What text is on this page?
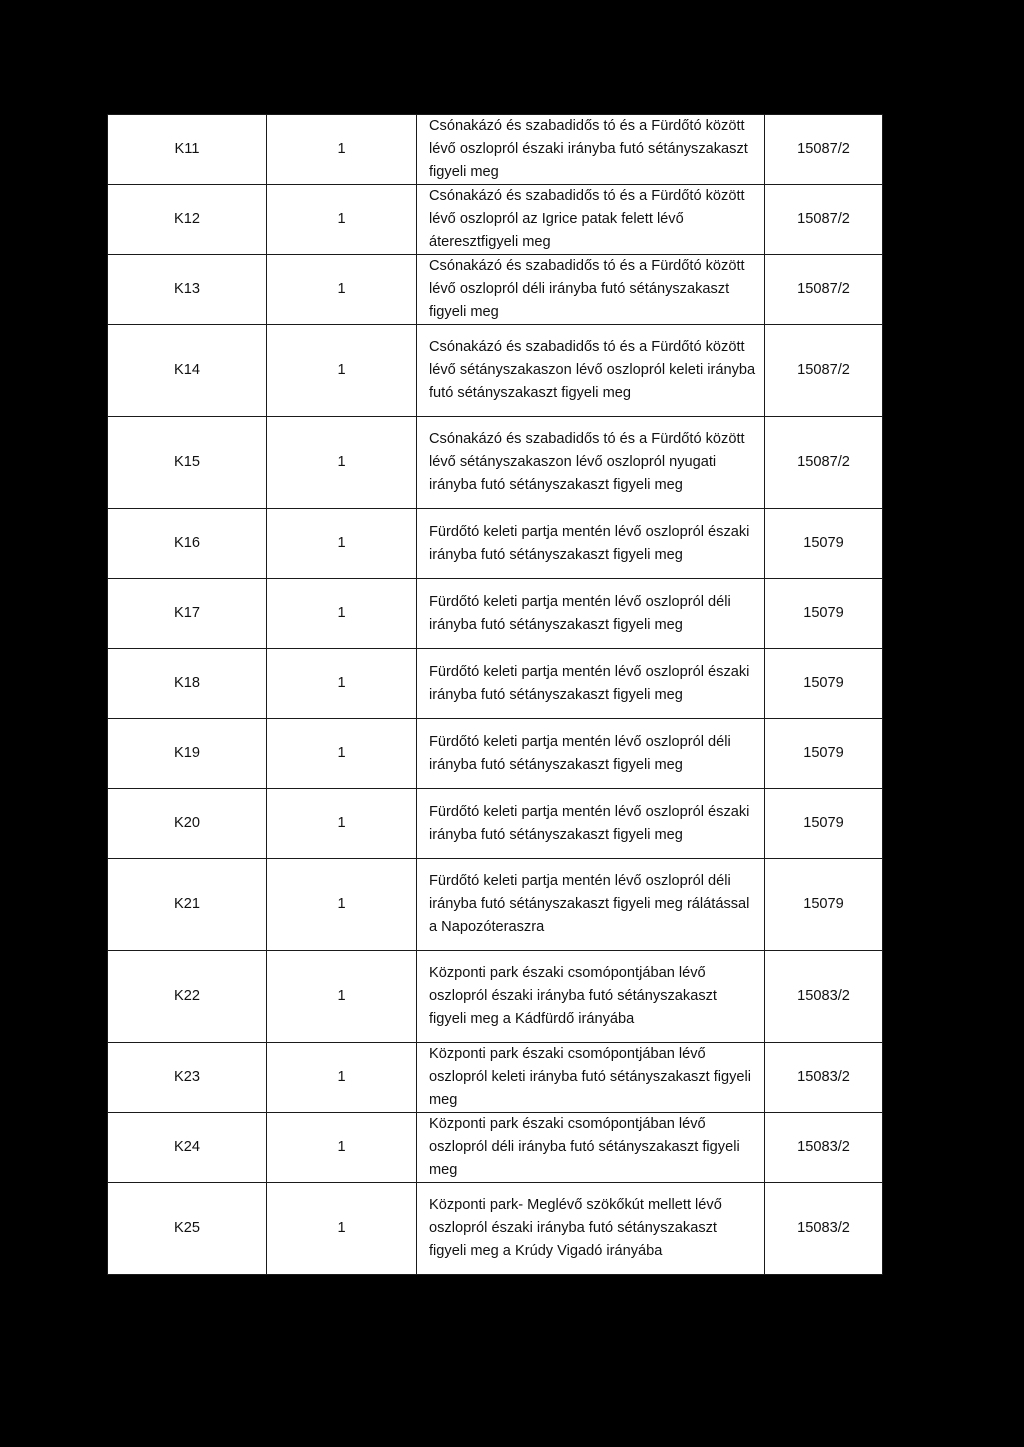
K11	1	Csónakázó és szabadidős tó és a Fürdőtó között lévő oszlopról északi irányba futó sétányszakaszt figyeli meg	15087/2
K12	1	Csónakázó és szabadidős tó és a Fürdőtó között lévő oszlopról az Igrice patak felett lévő áteresztfigyeli meg	15087/2
K13	1	Csónakázó és szabadidős tó és a Fürdőtó között lévő oszlopról déli irányba futó sétányszakaszt figyeli meg	15087/2
K14	1	Csónakázó és szabadidős tó és a Fürdőtó között lévő sétányszakaszon lévő oszlopról keleti irányba futó sétányszakaszt figyeli meg	15087/2
K15	1	Csónakázó és szabadidős tó és a Fürdőtó között lévő sétányszakaszon lévő oszlopról nyugati irányba futó sétányszakaszt figyeli meg	15087/2
K16	1	Fürdőtó keleti partja mentén lévő oszlopról északi irányba futó sétányszakaszt figyeli meg	15079
K17	1	Fürdőtó keleti partja mentén lévő oszlopról déli irányba futó sétányszakaszt figyeli meg	15079
K18	1	Fürdőtó keleti partja mentén lévő oszlopról északi irányba futó sétányszakaszt figyeli meg	15079
K19	1	Fürdőtó keleti partja mentén lévő oszlopról déli irányba futó sétányszakaszt figyeli meg	15079
K20	1	Fürdőtó keleti partja mentén lévő oszlopról északi irányba futó sétányszakaszt figyeli meg	15079
K21	1	Fürdőtó keleti partja mentén lévő oszlopról déli irányba futó sétányszakaszt figyeli meg rálátással a Napozóteraszra	15079
K22	1	Központi park északi csomópontjában lévő oszlopról északi irányba futó sétányszakaszt figyeli meg a Kádfürdő irányába	15083/2
K23	1	Központi park északi csomópontjában lévő oszlopról keleti irányba futó sétányszakaszt figyeli meg	15083/2
K24	1	Központi park északi csomópontjában lévő oszlopról déli irányba futó sétányszakaszt figyeli meg	15083/2
K25	1	Központi park- Meglévő szökőkút mellett lévő oszlopról északi irányba futó sétányszakaszt figyeli meg a Krúdy Vigadó irányába	15083/2
